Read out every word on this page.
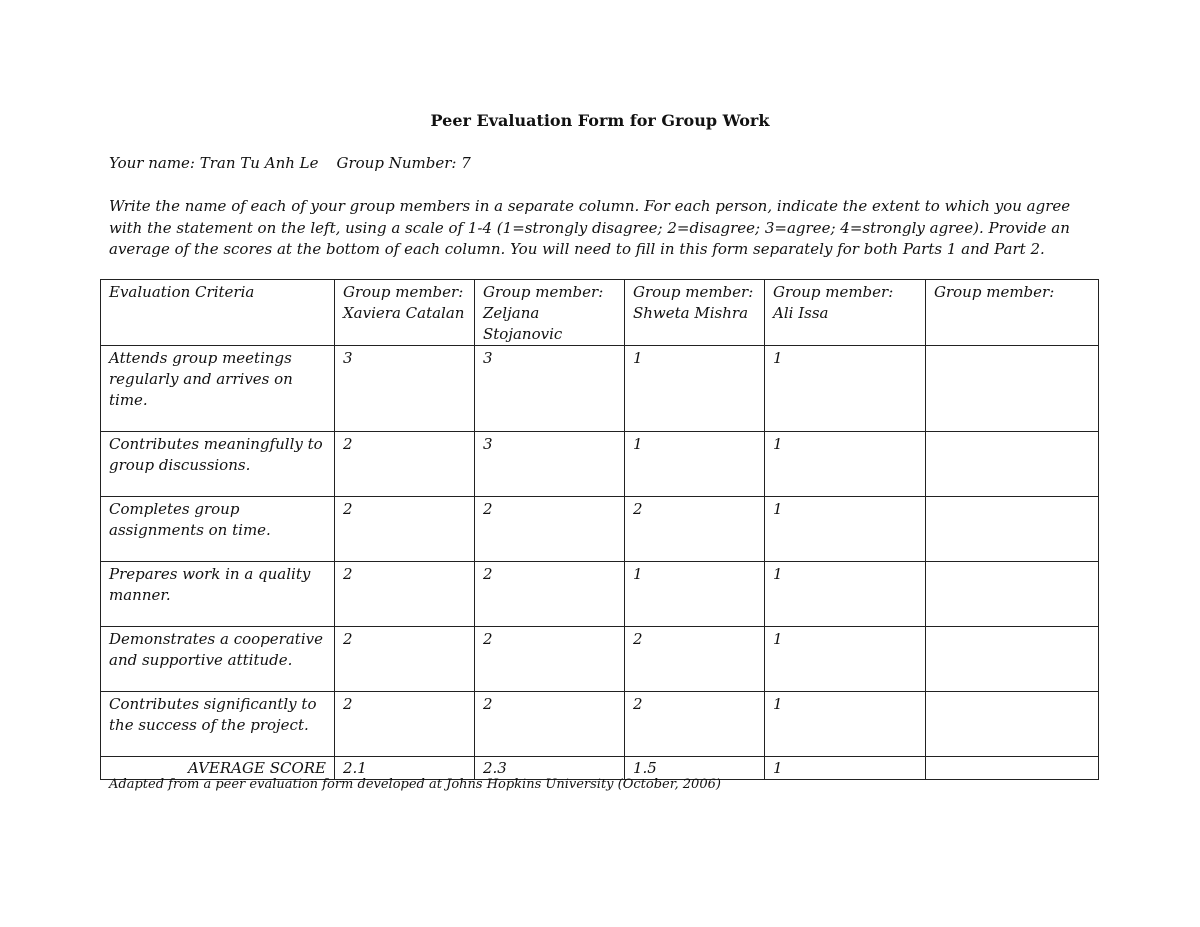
Peer Evaluation Form for Group Work
Your name: Tran Tu Anh Le Group Number: 7
Write the name of each of your group members in a separate column. For each person, indicate the extent to which you agree with the statement on the left, using a scale of 1-4 (1=strongly disagree; 2=disagree; 3=agree; 4=strongly agree). Provide an average of the scores at the bottom of each column. You will need to fill in this form separately for both Parts 1 and Part 2.
Evaluation Criteria	Group member: Xaviera Catalan	Group member: Zeljana Stojanovic	Group member: Shweta Mishra	Group member: Ali Issa	Group member:
Attends group meetings regularly and arrives on time.	3	3	1	1	
Contributes meaningfully to group discussions.	2	3	1	1	
Completes group assignments on time.	2	2	2	1	
Prepares work in a quality manner.	2	2	1	1	
Demonstrates a cooperative and supportive attitude.	2	2	2	1	
Contributes significantly to the success of the project.	2	2	2	1	
AVERAGE SCORE	2.1	2.3	1.5	1	
Adapted from a peer evaluation form developed at Johns Hopkins University (October, 2006)
